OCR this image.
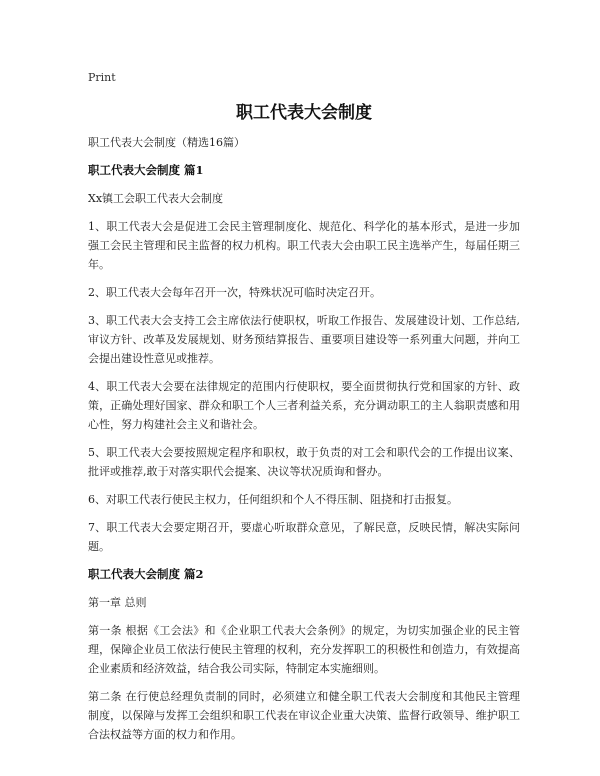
Print
职工代表大会制度

职工代表大会制度（精选16篇）

职工代表大会制度 篇1

Xx镇工会职工代表大会制度

1、职工代表大会是促进工会民主管理制度化、规范化、科学化的基本形式，是进一步加强工会民主管理和民主监督的权力机构。职工代表大会由职工民主选举产生，每届任期三年。

2、职工代表大会每年召开一次，特殊状况可临时决定召开。

3、职工代表大会支持工会主席依法行使职权，听取工作报告、发展建设计划、工作总结,审议方针、改革及发展规划、财务预结算报告、重要项目建设等一系列重大问题，并向工会提出建设性意见或推荐。

4、职工代表大会要在法律规定的范围内行使职权，要全面贯彻执行党和国家的方针、政策，正确处理好国家、群众和职工个人三者利益关系，充分调动职工的主人翁职责感和用心性，努力构建社会主义和谐社会。

5、职工代表大会要按照规定程序和职权，敢于负责的对工会和职代会的工作提出议案、批评或推荐,敢于对落实职代会提案、决议等状况质询和督办。

6、对职工代表行使民主权力，任何组织和个人不得压制、阻挠和打击报复。

7、职工代表大会要定期召开，要虚心听取群众意见，了解民意，反映民情，解决实际问题。

职工代表大会制度 篇2

第一章 总则

第一条 根据《工会法》和《企业职工代表大会条例》的规定，为切实加强企业的民主管理，保障企业员工依法行使民主管理的权利，充分发挥职工的积极性和创造力，有效提高企业素质和经济效益，结合我公司实际，特制定本实施细则。

第二条 在行使总经理负责制的同时，必须建立和健全职工代表大会制度和其他民主管理制度，以保障与发挥工会组织和职工代表在审议企业重大决策、监督行政领导、维护职工合法权益等方面的权力和作用。
